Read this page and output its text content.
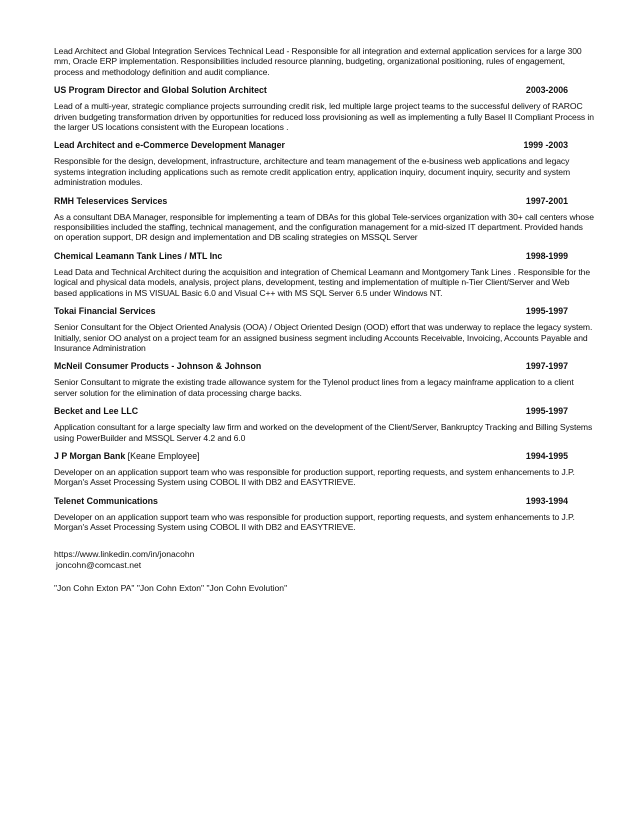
Lead Architect and Global Integration Services Technical Lead - Responsible for all integration and external application services for a large 300 mm, Oracle ERP implementation. Responsibilities included resource planning, budgeting, organizational positioning, rules of engagement, process and methodology definition and audit compliance.

US Program Director and Global Solution Architect	2003-2006

Lead of a multi-year, strategic compliance projects surrounding credit risk, led multiple large project teams to the successful delivery of RAROC driven budgeting transformation driven by opportunities for reduced loss provisioning as well as implementing a fully Basel II Compliant Process in the larger US locations consistent with the European locations .

Lead Architect and e-Commerce Development Manager	1999 -2003

Responsible for the design, development, infrastructure, architecture and team management of the e-business web applications and legacy systems integration including applications such as remote credit application entry, application inquiry, document inquiry, security and system administration modules.

RMH Teleservices Services	1997-2001

As a consultant DBA Manager, responsible for implementing a team of DBAs for this global Tele-services organization with 30+ call centers whose responsibilities included the staffing, technical management, and the configuration management for a mid-sized IT department. Provided hands on operation support, DR design and implementation and DB scaling strategies on MSSQL Server

Chemical Leamann Tank Lines / MTL Inc	1998-1999

Lead Data and Technical Architect during the acquisition and integration of Chemical Leamann and Montgomery Tank Lines . Responsible for the logical and physical data models, analysis, project plans, development, testing and implementation of multiple n-Tier Client/Server and Web based applications in MS VISUAL Basic 6.0 and Visual C++ with MS SQL Server 6.5 under Windows NT.

Tokai Financial Services	1995-1997

Senior Consultant for the Object Oriented Analysis (OOA) / Object Oriented Design (OOD) effort that was underway to replace the legacy system. Initially, senior OO analyst on a project team for an assigned business segment including Accounts Receivable, Invoicing, Accounts Payable and Insurance Administration

McNeil Consumer Products - Johnson & Johnson	1997-1997

Senior Consultant to migrate the existing trade allowance system for the Tylenol product lines from a legacy mainframe application to a client server solution for the elimination of data processing charge backs.

Becket and Lee LLC	1995-1997

Application consultant for a large specialty law firm and worked on the development of the Client/Server, Bankruptcy Tracking and Billing Systems using PowerBuilder and MSSQL Server 4.2 and 6.0

J P Morgan Bank [Keane Employee]	1994-1995

Developer on an application support team who was responsible for production support, reporting requests, and system enhancements to J.P. Morgan's Asset Processing System using COBOL II with DB2 and EASYTRIEVE.

Telenet Communications	1993-1994

Developer on an application support team who was responsible for production support, reporting requests, and system enhancements to J.P. Morgan's Asset Processing System using COBOL II with DB2 and EASYTRIEVE.

https://www.linkedin.com/in/jonacohn
joncohn@comcast.net
"Jon Cohn Exton PA" "Jon Cohn Exton" "Jon Cohn Evolution"
